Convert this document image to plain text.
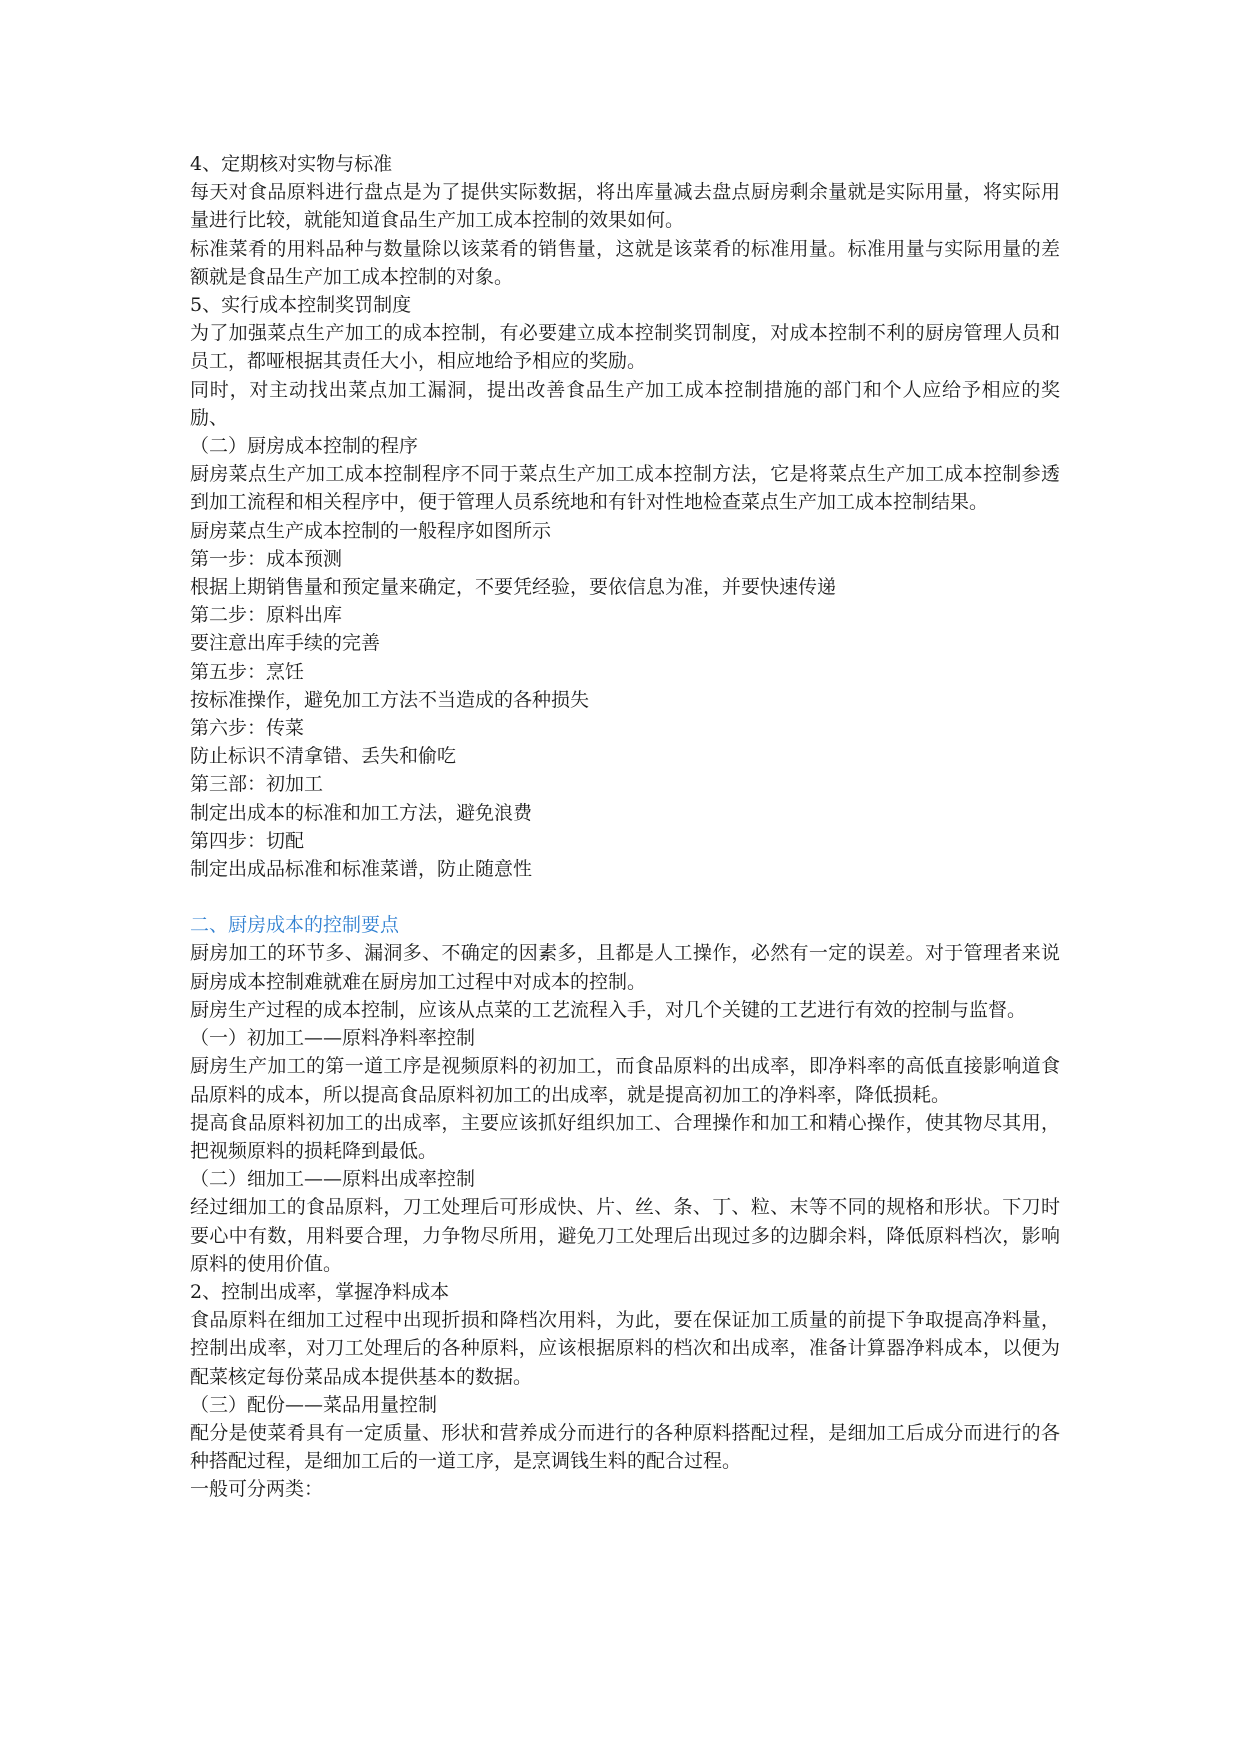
4、定期核对实物与标准

每天对食品原料进行盘点是为了提供实际数据，将出库量减去盘点厨房剩余量就是实际用量，将实际用量进行比较，就能知道食品生产加工成本控制的效果如何。

标准菜肴的用料品种与数量除以该菜肴的销售量，这就是该菜肴的标准用量。标准用量与实际用量的差额就是食品生产加工成本控制的对象。

5、实行成本控制奖罚制度

为了加强菜点生产加工的成本控制，有必要建立成本控制奖罚制度，对成本控制不利的厨房管理人员和员工，都哑根据其责任大小，相应地给予相应的奖励。

同时，对主动找出菜点加工漏洞，提出改善食品生产加工成本控制措施的部门和个人应给予相应的奖励、

（二）厨房成本控制的程序

厨房菜点生产加工成本控制程序不同于菜点生产加工成本控制方法，它是将菜点生产加工成本控制参透到加工流程和相关程序中，便于管理人员系统地和有针对性地检查菜点生产加工成本控制结果。

厨房菜点生产成本控制的一般程序如图所示

第一步：成本预测

根据上期销售量和预定量来确定，不要凭经验，要依信息为准，并要快速传递

第二步：原料出库

要注意出库手续的完善

第五步：烹饪

按标准操作，避免加工方法不当造成的各种损失

第六步：传菜

防止标识不清拿错、丢失和偷吃

第三部：初加工

制定出成本的标准和加工方法，避免浪费

第四步：切配

制定出成品标准和标准菜谱，防止随意性

二、厨房成本的控制要点

厨房加工的环节多、漏洞多、不确定的因素多，且都是人工操作，必然有一定的误差。对于管理者来说厨房成本控制难就难在厨房加工过程中对成本的控制。

厨房生产过程的成本控制，应该从点菜的工艺流程入手，对几个关键的工艺进行有效的控制与监督。

（一）初加工——原料净料率控制

厨房生产加工的第一道工序是视频原料的初加工，而食品原料的出成率，即净料率的高低直接影响道食品原料的成本，所以提高食品原料初加工的出成率，就是提高初加工的净料率，降低损耗。

提高食品原料初加工的出成率，主要应该抓好组织加工、合理操作和加工和精心操作，使其物尽其用，把视频原料的损耗降到最低。

（二）细加工——原料出成率控制

经过细加工的食品原料，刀工处理后可形成快、片、丝、条、丁、粒、末等不同的规格和形状。下刀时要心中有数，用料要合理，力争物尽所用，避免刀工处理后出现过多的边脚余料，降低原料档次，影响原料的使用价值。

2、控制出成率，掌握净料成本

食品原料在细加工过程中出现折损和降档次用料，为此，要在保证加工质量的前提下争取提高净料量，控制出成率，对刀工处理后的各种原料，应该根据原料的档次和出成率，准备计算器净料成本，以便为配菜核定每份菜品成本提供基本的数据。

（三）配份——菜品用量控制

配分是使菜肴具有一定质量、形状和营养成分而进行的各种原料搭配过程，是细加工后成分而进行的各种搭配过程，是细加工后的一道工序，是烹调钱生料的配合过程。

一般可分两类：
